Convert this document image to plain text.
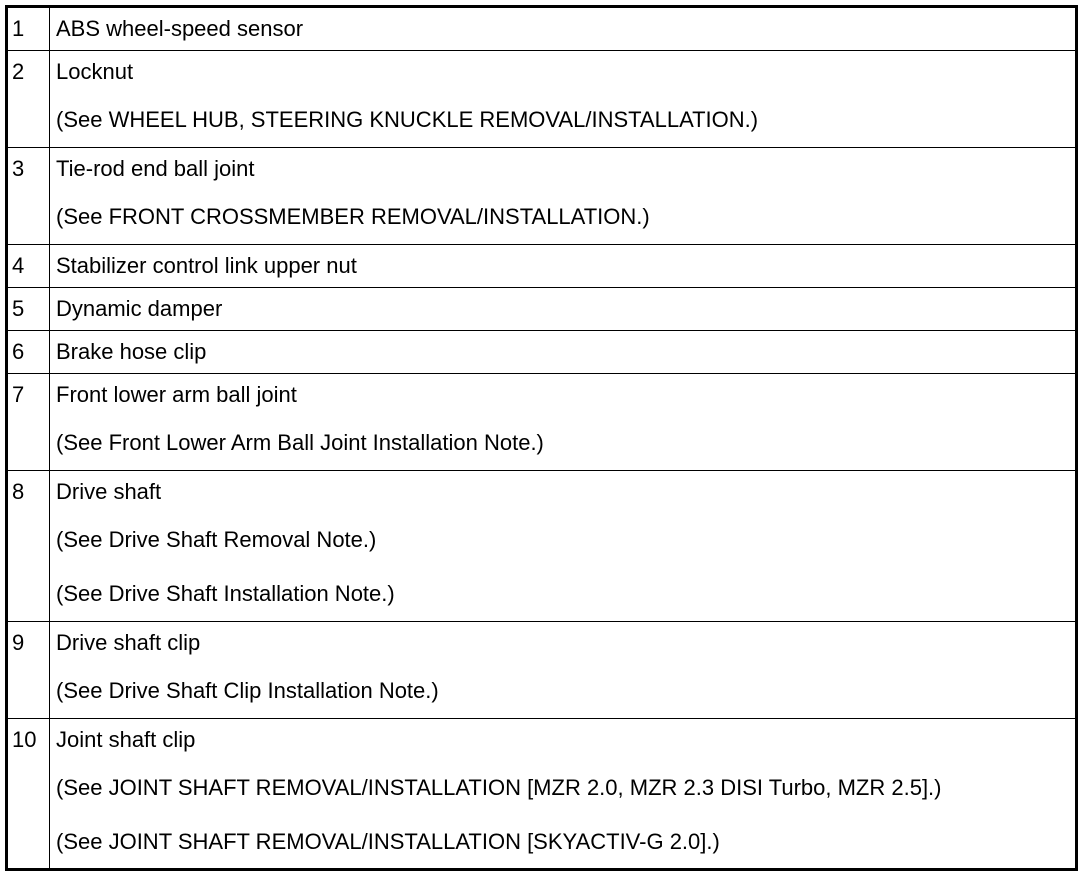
1	ABS wheel-speed sensor

2	Locknut
(See WHEEL HUB, STEERING KNUCKLE REMOVAL/INSTALLATION.)

3	Tie-rod end ball joint
(See FRONT CROSSMEMBER REMOVAL/INSTALLATION.)

4	Stabilizer control link upper nut

5	Dynamic damper

6	Brake hose clip

7	Front lower arm ball joint
(See Front Lower Arm Ball Joint Installation Note.)

8	Drive shaft
(See Drive Shaft Removal Note.)
(See Drive Shaft Installation Note.)

9	Drive shaft clip
(See Drive Shaft Clip Installation Note.)

10	Joint shaft clip
(See JOINT SHAFT REMOVAL/INSTALLATION [MZR 2.0, MZR 2.3 DISI Turbo, MZR 2.5].)
(See JOINT SHAFT REMOVAL/INSTALLATION [SKYACTIV-G 2.0].)
